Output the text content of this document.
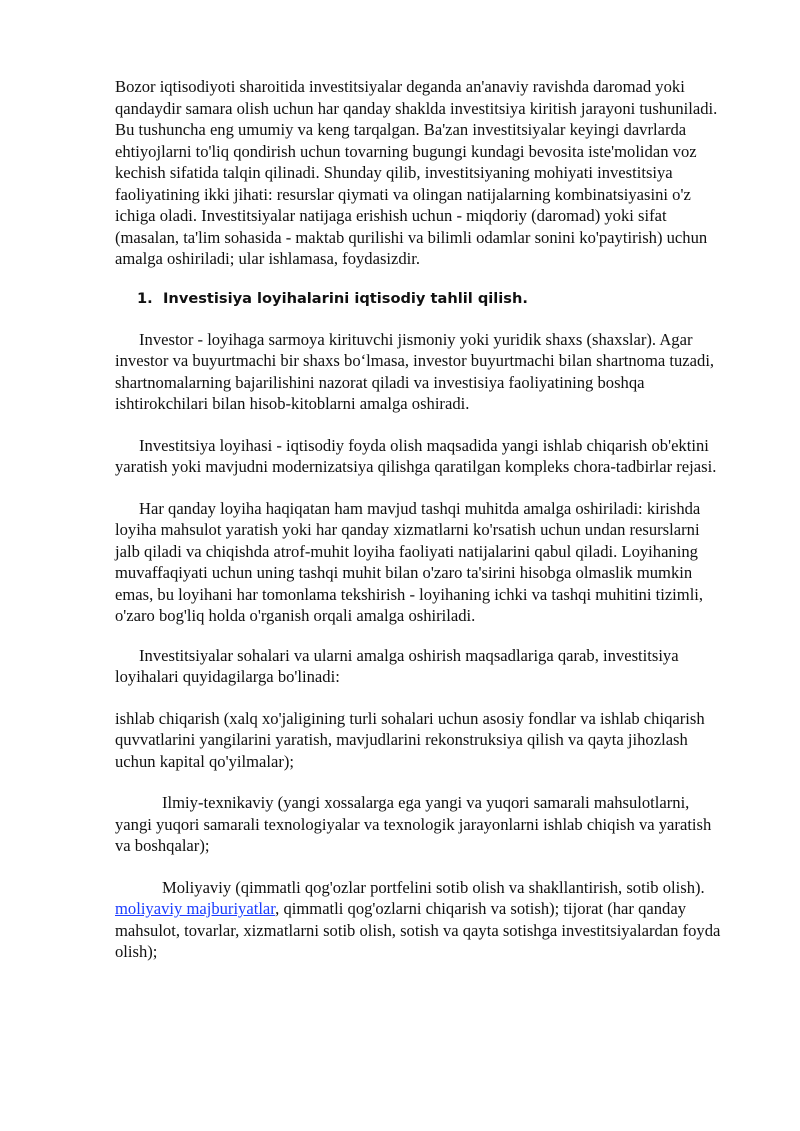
Bozor iqtisodiyoti sharoitida investitsiyalar deganda an'anaviy ravishda daromad yoki qandaydir samara olish uchun har qanday shaklda investitsiya kiritish jarayoni tushuniladi. Bu tushuncha eng umumiy va keng tarqalgan. Ba'zan investitsiyalar keyingi davrlarda ehtiyojlarni to'liq qondirish uchun tovarning bugungi kundagi bevosita iste'molidan voz kechish sifatida talqin qilinadi. Shunday qilib, investitsiyaning mohiyati investitsiya faoliyatining ikki jihati: resurslar qiymati va olingan natijalarning kombinatsiyasini o'z ichiga oladi. Investitsiyalar natijaga erishish uchun - miqdoriy (daromad) yoki sifat (masalan, ta'lim sohasida - maktab qurilishi va bilimli odamlar sonini ko'paytirish) uchun amalga oshiriladi; ular ishlamasa, foydasizdir.

1. Investisiya loyihalarini iqtisodiy tahlil qilish.

Investor - loyihaga sarmoya kirituvchi jismoniy yoki yuridik shaxs (shaxslar). Agar investor va buyurtmachi bir shaxs boʻlmasa, investor buyurtmachi bilan shartnoma tuzadi, shartnomalarning bajarilishini nazorat qiladi va investisiya faoliyatining boshqa ishtirokchilari bilan hisob-kitoblarni amalga oshiradi.

Investitsiya loyihasi - iqtisodiy foyda olish maqsadida yangi ishlab chiqarish ob'ektini yaratish yoki mavjudni modernizatsiya qilishga qaratilgan kompleks chora-tadbirlar rejasi.

Har qanday loyiha haqiqatan ham mavjud tashqi muhitda amalga oshiriladi: kirishda loyiha mahsulot yaratish yoki har qanday xizmatlarni ko'rsatish uchun undan resurslarni jalb qiladi va chiqishda atrof-muhit loyiha faoliyati natijalarini qabul qiladi. Loyihaning muvaffaqiyati uchun uning tashqi muhit bilan o'zaro ta'sirini hisobga olmaslik mumkin emas, bu loyihani har tomonlama tekshirish - loyihaning ichki va tashqi muhitini tizimli, o'zaro bog'liq holda o'rganish orqali amalga oshiriladi.

Investitsiyalar sohalari va ularni amalga oshirish maqsadlariga qarab, investitsiya loyihalari quyidagilarga bo'linadi:

ishlab chiqarish (xalq xo'jaligining turli sohalari uchun asosiy fondlar va ishlab chiqarish quvvatlarini yangilarini yaratish, mavjudlarini rekonstruksiya qilish va qayta jihozlash uchun kapital qo'yilmalar);

Ilmiy-texnikaviy (yangi xossalarga ega yangi va yuqori samarali mahsulotlarni, yangi yuqori samarali texnologiyalar va texnologik jarayonlarni ishlab chiqish va yaratish va boshqalar);

Moliyaviy (qimmatli qog'ozlar portfelini sotib olish va shakllantirish, sotib olish). moliyaviy majburiyatlar, qimmatli qog'ozlarni chiqarish va sotish); tijorat (har qanday mahsulot, tovarlar, xizmatlarni sotib olish, sotish va qayta sotishga investitsiyalardan foyda olish);
